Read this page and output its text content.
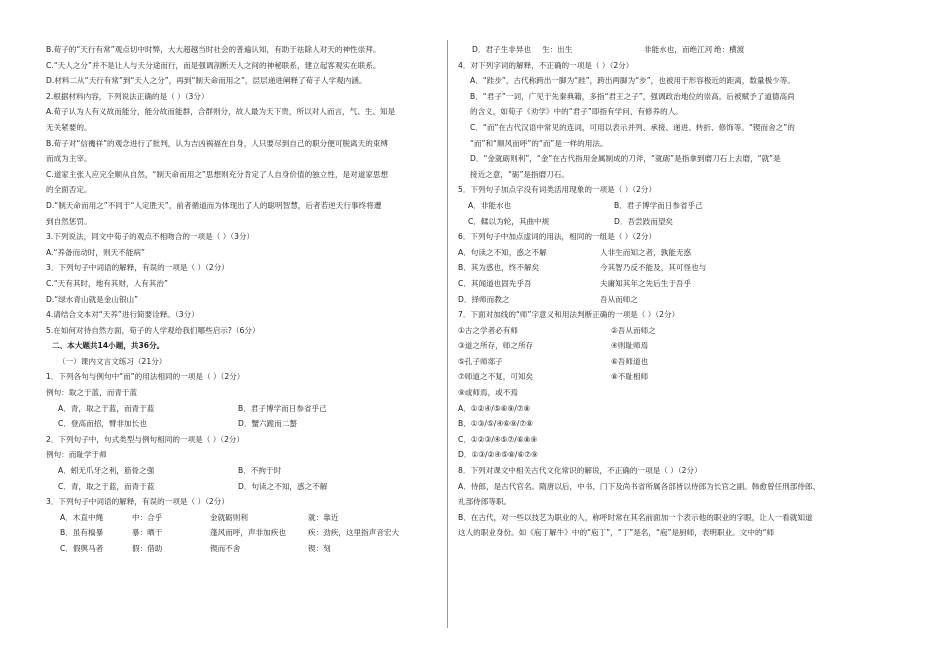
B.荀子的“天行有常”观点切中时弊，大大超越当时社会的普遍认知，有助于祛除人对天的神性崇拜。
C.“天人之分”并不是让人与天分途而行，而是强调剖断天人之间的神秘联系，建立起客观实在联系。
D.材料二从“天行有常”到“天人之分”，再到“制天命而用之”，层层递进阐释了荀子人学观内涵。
2.根据材料内容，下列说法正确的是（ ）（3分）
A.荀子认为人有义故而能分，能分故而能群，合群则分，故人最为天下贵，所以对人而言，气、生、知是
无关紧要的。
B.荀子对“信禨祥”的观念进行了批判，认为吉凶祸福在自身，人只要尽到自己的职分便可脱离天的束缚
而成为主宰。
C.道家主张人应完全顺从自然，“制天命而用之”思想则充分肯定了人自身价值的独立性，是对道家思想
的全面否定。
D.“制天命而用之”不同于“人定胜天”，前者循道而为体现出了人的聪明智慧，后者若逆天行事终将遭
到自然惩罚。
3.下列说法，同文中荀子的观点不相吻合的一项是（ ）（3分）
A.“养备而动时，则天不能病”
3．下列句子中词语的解释，有误的一项是（ ）（2分）
C.“天有其时，地有其财，人有其治”
D.“绿水青山就是金山银山”
4.请结合文本对“天养”进行简要诠释。（3分）
5.在如何对待自然方面，荀子的人学观给我们哪些启示?（6分）
二、本大题共14小题，共36分。
（一）课内文言文练习（21分）
1．下列各句与例句中“而”的用法相同的一项是（ ）（2分）
例句：取之于蓝，而青于蓝
A．青，取之于蓝，而青于蓝	B．君子博学而日参省乎己
C．登高而招，臂非加长也	D．蟹六跪而二螯
2．下列句子中，句式类型与例句相同的一项是（ ）（2分）
例句：而耻学于师
A．蚓无爪牙之利，筋骨之强	B．不拘于时
C．青，取之于蓝，而青于蓝	D．句读之不知，惑之不解
3．下列句子中词语的解释，有误的一项是（ ）（2分）
A．木直中绳	中：合乎	金就砺则利	就：靠近
B．虽有槁暴	暴：晒干	蓬风而呼，声非加疾也	疾：劲疾，这里指声音宏大
C．假舆马者	假：借助	锲而不舍	锲：刻
D．君子生非异也	生：出生	非能水也，而绝江河 绝：横渡
4．对下列字词的解释，不正确的一项是（ ）（2分）
A．“跬步”，古代称跨出一脚为“跬”，跨出两脚为“步”，也被用于形容极近的距离，数量极少等。
B．“君子”一词，广见于先秦典籍，多指“君王之子”，强调政治地位的崇高。后被赋予了道德高尚
的含义，如荀子《劝学》中的“君子”即指有学问、有修养的人。
C．“而”在古代汉语中常见的连词，可用以表示并列、承接、递进、转折、修饰等。“锲而舍之”的
“而”和“顺风而呼”的“而”是一样的用法。
D．“金就砺则利”，“金”在古代指用金属制成的刀斧，“就砺”是指拿到磨刀石上去磨，“就”是
接近之意，“砺”是指磨刀石。
5．下列句子加点字没有词类活用现象的一项是（ ）（2分）
A．非能水也	B．君子博学而日参省乎己
C．輮以为轮，其曲中规	D．吾尝跂而望矣
6．下列句子中加点虚词的用法，相同的一组是（ ）（2分）
A．句读之不知，惑之不解	人非生而知之者，孰能无惑
B．其为惑也，终不解矣	今其智乃反不能及，其可怪也与
C．其闻道也固先乎吾	夫庸知其年之先后生于吾乎
D．择师而教之	吾从而师之
7．下面对加线的“师”字意义和用法判断正确的一项是（ ）（2分）
①古之学者必有师	②吾从而师之
③道之所存，师之所存	④则耻师焉
⑤孔子师郯子	⑥吾师道也
⑦师道之不复，可知矣	⑧不耻相师
⑨或师焉，或不焉
A．①②④/⑤⑥⑨/⑦⑧
B．①③/⑤/④⑥⑨/⑦⑧
C．①②③/④⑤⑦/⑥⑧⑨
D．①③/②④⑤⑧/⑥⑦⑨
8．下列对课文中相关古代文化常识的解说，不正确的一项是（ ）（2分）
A．侍郎，是古代官名。隋唐以后，中书、门下及尚书省所属各部皆以侍郎为长官之副。韩愈曾任刑部侍郎、
礼部侍郎等职。
B．在古代，对一些以技艺为职业的人，称呼时常在其名前面加一个表示他的职业的字眼，让人一看就知道
这人的职业身份。如《庖丁解牛》中的“庖丁”，“丁”是名，“庖”是厨师，表明职业。文中的“师
